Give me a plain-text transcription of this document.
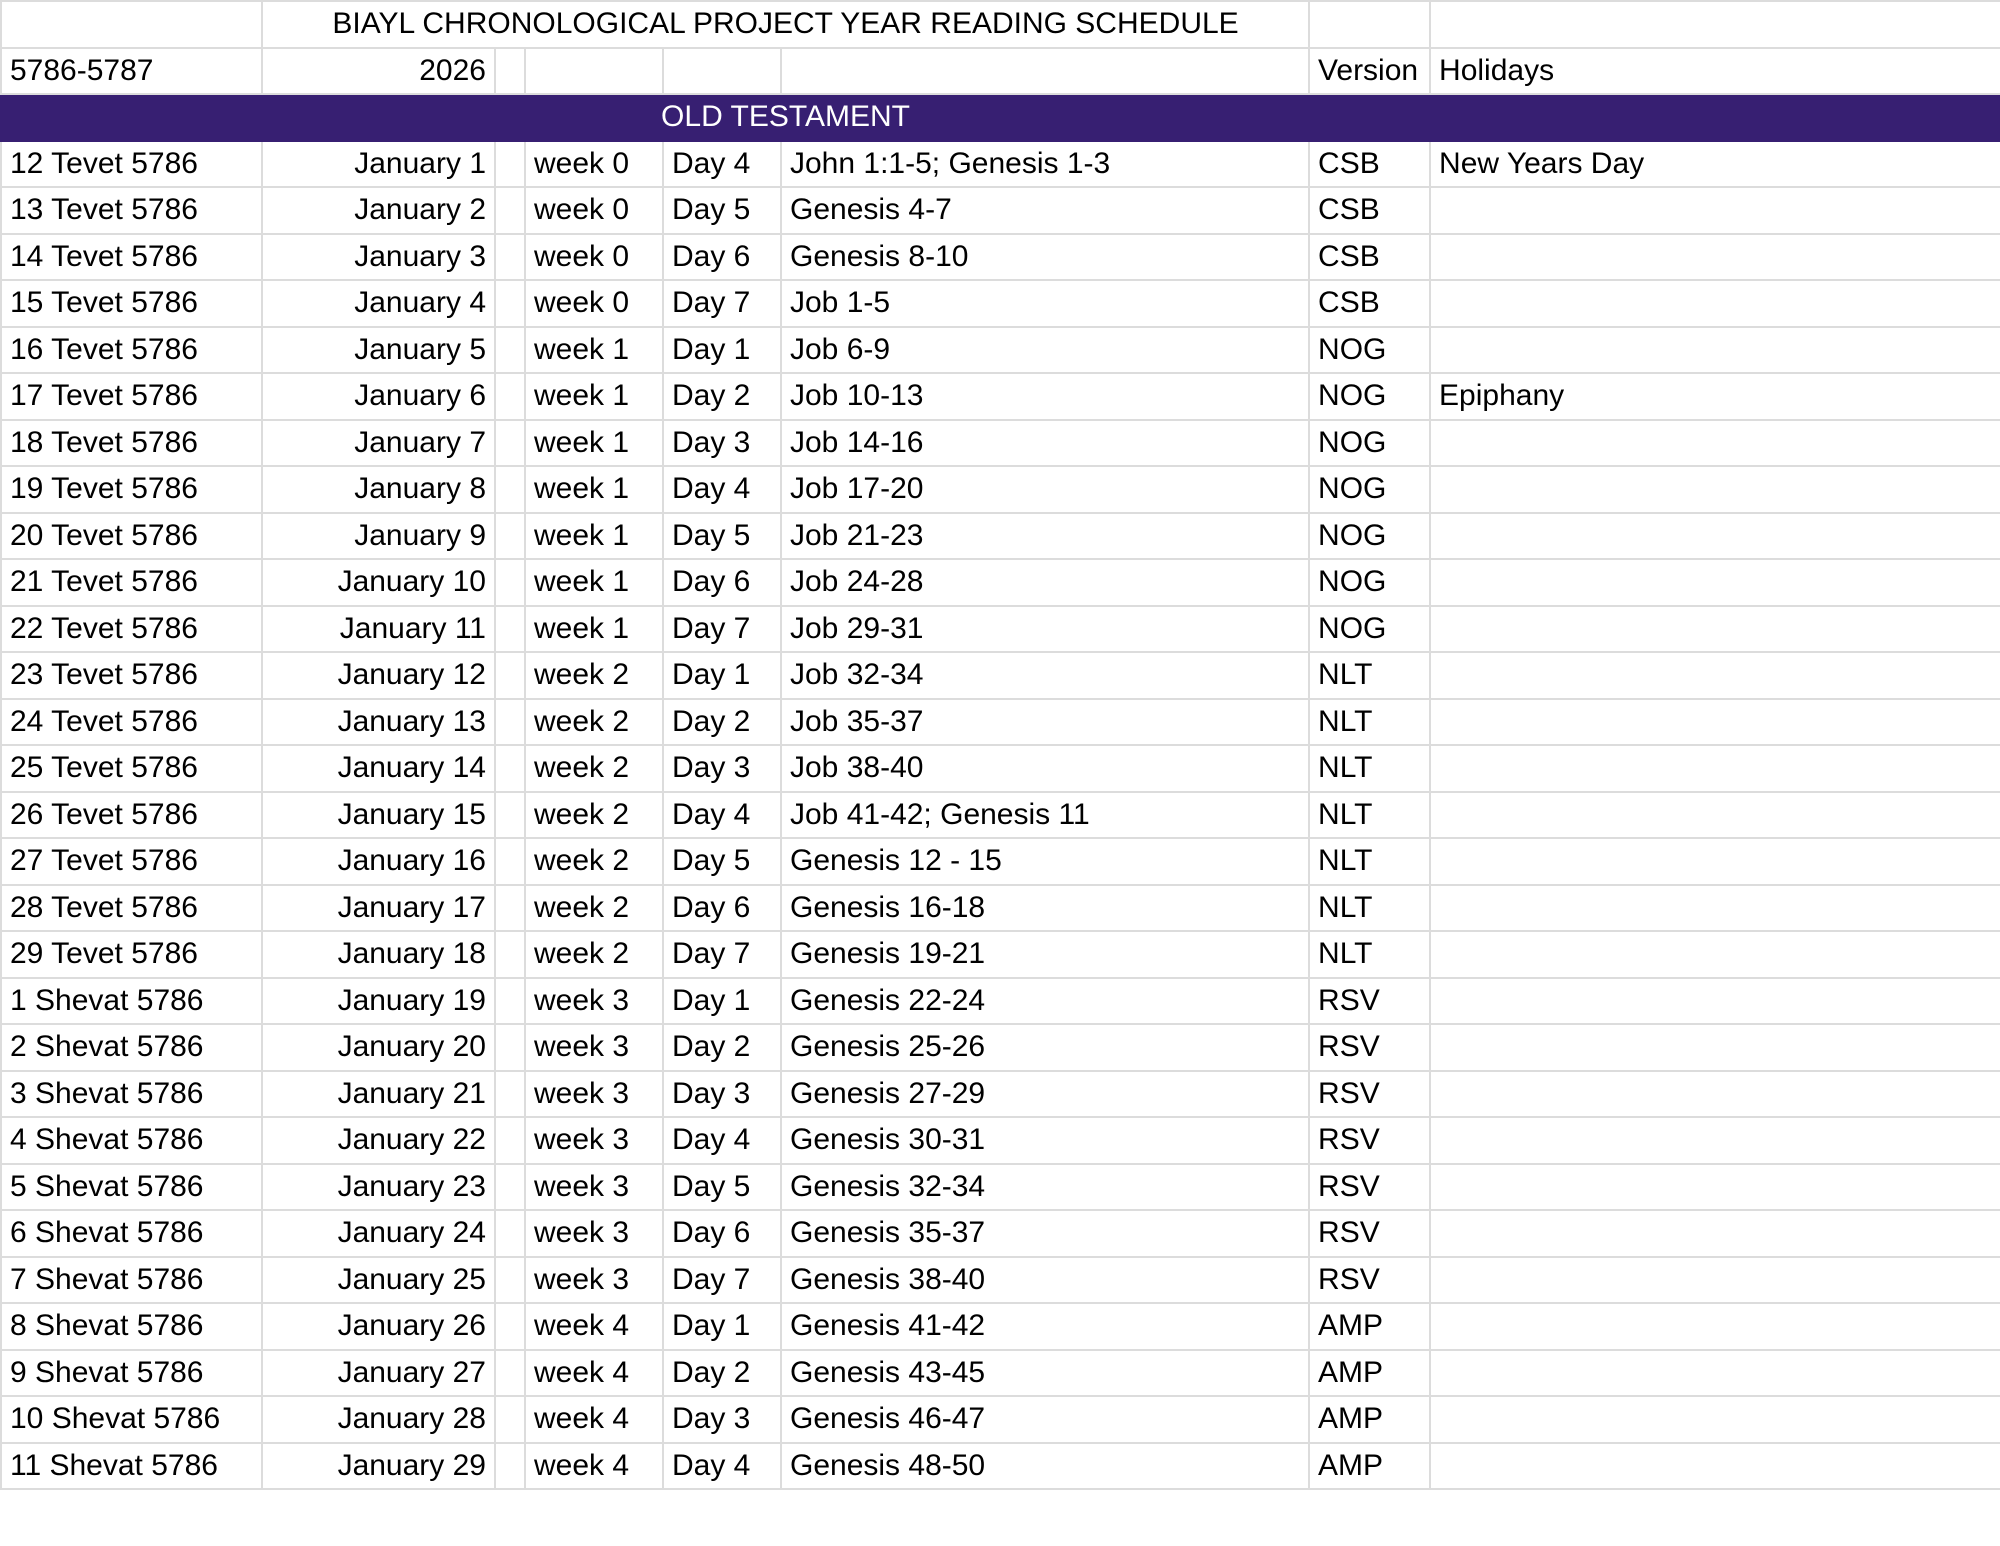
	BIAYL CHRONOLOGICAL PROJECT YEAR READING SCHEDULE						
5786-5787	2026					Version	Holidays
	OLD TESTAMENT						
12 Tevet 5786	January 1		week 0	Day 4	John 1:1-5; Genesis 1-3	CSB	New Years Day
13 Tevet 5786	January 2		week 0	Day 5	Genesis 4-7	CSB	
14 Tevet 5786	January 3		week 0	Day 6	Genesis 8-10	CSB	
15 Tevet 5786	January 4		week 0	Day 7	Job 1-5	CSB	
16 Tevet 5786	January 5		week 1	Day 1	Job 6-9	NOG	
17 Tevet 5786	January 6		week 1	Day 2	Job 10-13	NOG	Epiphany
18 Tevet 5786	January 7		week 1	Day 3	Job 14-16	NOG	
19 Tevet 5786	January 8		week 1	Day 4	Job 17-20	NOG	
20 Tevet 5786	January 9		week 1	Day 5	Job 21-23	NOG	
21 Tevet 5786	January 10		week 1	Day 6	Job 24-28	NOG	
22 Tevet 5786	January 11		week 1	Day 7	Job 29-31	NOG	
23 Tevet 5786	January 12		week 2	Day 1	Job 32-34	NLT	
24 Tevet 5786	January 13		week 2	Day 2	Job 35-37	NLT	
25 Tevet 5786	January 14		week 2	Day 3	Job 38-40	NLT	
26 Tevet 5786	January 15		week 2	Day 4	Job 41-42; Genesis 11	NLT	
27 Tevet 5786	January 16		week 2	Day 5	Genesis 12 - 15	NLT	
28 Tevet 5786	January 17		week 2	Day 6	Genesis 16-18	NLT	
29 Tevet 5786	January 18		week 2	Day 7	Genesis 19-21	NLT	
1 Shevat 5786	January 19		week 3	Day 1	Genesis 22-24	RSV	
2 Shevat 5786	January 20		week 3	Day 2	Genesis 25-26	RSV	
3 Shevat 5786	January 21		week 3	Day 3	Genesis 27-29	RSV	
4 Shevat 5786	January 22		week 3	Day 4	Genesis 30-31	RSV	
5 Shevat 5786	January 23		week 3	Day 5	Genesis 32-34	RSV	
6 Shevat 5786	January 24		week 3	Day 6	Genesis 35-37	RSV	
7 Shevat 5786	January 25		week 3	Day 7	Genesis 38-40	RSV	
8 Shevat 5786	January 26		week 4	Day 1	Genesis 41-42	AMP	
9 Shevat 5786	January 27		week 4	Day 2	Genesis 43-45	AMP	
10 Shevat 5786	January 28		week 4	Day 3	Genesis 46-47	AMP	
11 Shevat 5786	January 29		week 4	Day 4	Genesis 48-50	AMP	
